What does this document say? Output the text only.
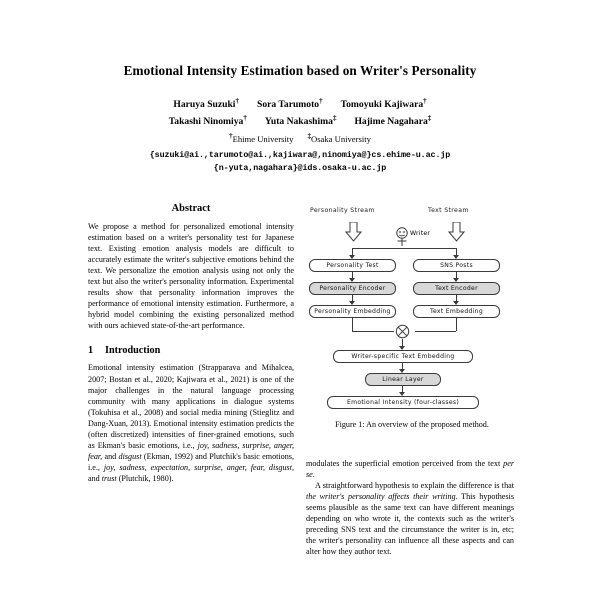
Emotional Intensity Estimation based on Writer's Personality
Haruya Suzuki† Sora Tarumoto† Tomoyuki Kajiwara†
Takashi Ninomiya† Yuta Nakashima‡ Hajime Nagahara‡
†Ehime University ‡Osaka University
{suzuki@ai.,tarumoto@ai.,kajiwara@,ninomiya@}cs.ehime-u.ac.jp
{n-yuta,nagahara}@ids.osaka-u.ac.jp
Abstract

We propose a method for personalized emotional intensity estimation based on a writer's personality test for Japanese text. Existing emotion analysis models are difficult to accurately estimate the writer's subjective emotions behind the text. We personalize the emotion analysis using not only the text but also the writer's personality information. Experimental results show that personality information improves the performance of emotional intensity estimation. Furthermore, a hybrid model combining the existing personalized method with ours achieved state-of-the-art performance.

1 Introduction

Emotional intensity estimation (Strapparava and Mihalcea, 2007; Bostan et al., 2020; Kajiwara et al., 2021) is one of the major challenges in the natural language processing community with many applications in dialogue systems (Tokuhisa et al., 2008) and social media mining (Stieglitz and Dang-Xuan, 2013). Emotional intensity estimation predicts the (often discretized) intensities of finer-grained emotions, such as Ekman's basic emotions, i.e., joy, sadness, surprise, anger, fear, and disgust (Ekman, 1992) and Plutchik's basic emotions, i.e., joy, sadness, expectation, surprise, anger, fear, disgust, and trust (Plutchik, 1980).

Personality Stream	Text Stream
Writer
Personality Test	SNS Posts
Personality Encoder	Text Encoder
Personality Embedding	Text Embedding
Writer-specific Text Embedding
Linear Layer
Emotional Intensity (four-classes)
Figure 1: An overview of the proposed method.

modulates the superficial emotion perceived from the text per se.

A straightforward hypothesis to explain the difference is that the writer's personality affects their writing. This hypothesis seems plausible as the same text can have different meanings depending on who wrote it, the contexts such as the writer's preceding SNS text and the circumstance the writer is in, etc; the writer's personality can influence all these aspects and can alter how they author text.
